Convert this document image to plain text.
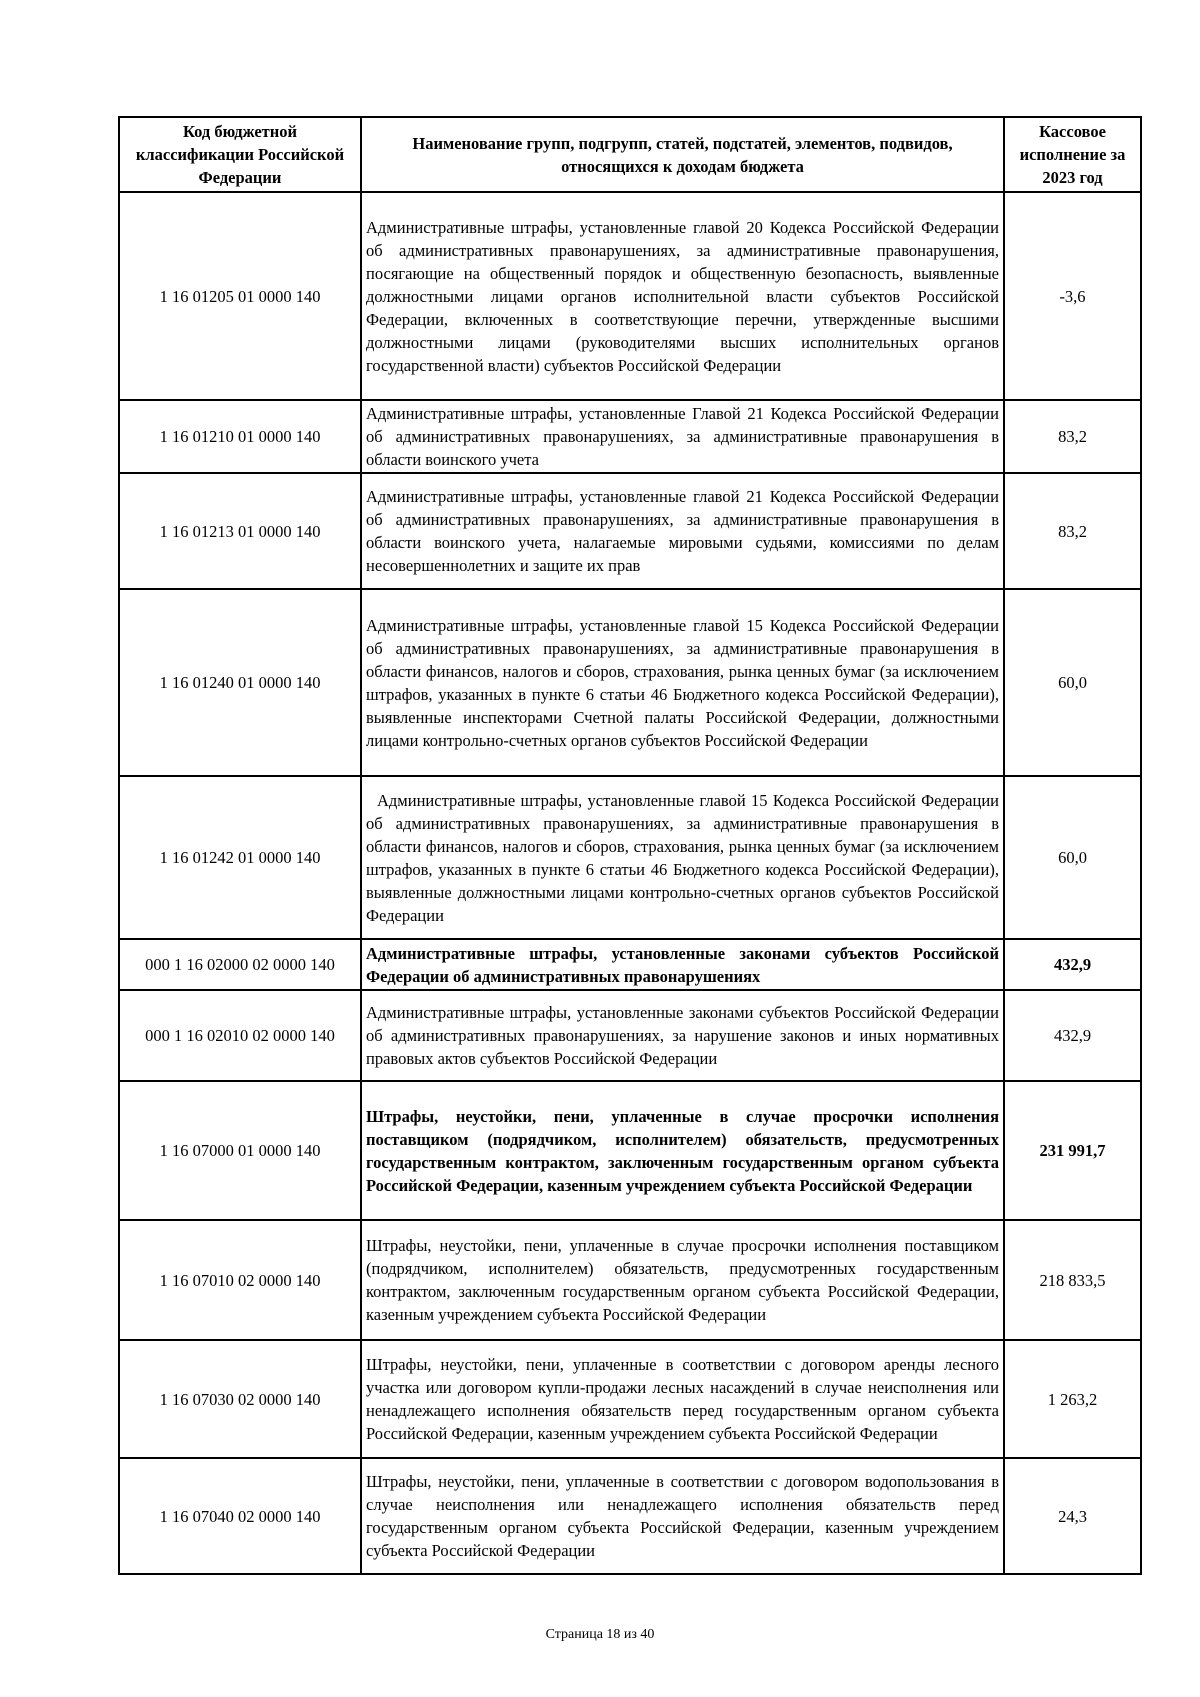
Код бюджетной классификации Российской Федерации	Наименование групп, подгрупп, статей, подстатей, элементов, подвидов, относящихся к доходам бюджета	Кассовое исполнение за 2023 год
1 16 01205 01 0000 140	Административные штрафы, установленные главой 20 Кодекса Российской Федерации об административных правонарушениях, за административные правонарушения, посягающие на общественный порядок и общественную безопасность, выявленные должностными лицами органов исполнительной власти субъектов Российской Федерации, включенных в соответствующие перечни, утвержденные высшими должностными лицами (руководителями высших исполнительных органов государственной власти) субъектов Российской Федерации	-3,6
1 16 01210 01 0000 140	Административные штрафы, установленные Главой 21 Кодекса Российской Федерации об административных правонарушениях, за административные правонарушения в области воинского учета	83,2
1 16 01213 01 0000 140	Административные штрафы, установленные главой 21 Кодекса Российской Федерации об административных правонарушениях, за административные правонарушения в области воинского учета, налагаемые мировыми судьями, комиссиями по делам несовершеннолетних и защите их прав	83,2
1 16 01240 01 0000 140	Административные штрафы, установленные главой 15 Кодекса Российской Федерации об административных правонарушениях, за административные правонарушения в области финансов, налогов и сборов, страхования, рынка ценных бумаг (за исключением штрафов, указанных в пункте 6 статьи 46 Бюджетного кодекса Российской Федерации), выявленные инспекторами Счетной палаты Российской Федерации, должностными лицами контрольно-счетных органов субъектов Российской Федерации	60,0
1 16 01242 01 0000 140	Административные штрафы, установленные главой 15 Кодекса Российской Федерации об административных правонарушениях, за административные правонарушения в области финансов, налогов и сборов, страхования, рынка ценных бумаг (за исключением штрафов, указанных в пункте 6 статьи 46 Бюджетного кодекса Российской Федерации), выявленные должностными лицами контрольно-счетных органов субъектов Российской Федерации	60,0
000 1 16 02000 02 0000 140	Административные штрафы, установленные законами субъектов Российской Федерации об административных правонарушениях	432,9
000 1 16 02010 02 0000 140	Административные штрафы, установленные законами субъектов Российской Федерации об административных правонарушениях, за нарушение законов и иных нормативных правовых актов субъектов Российской Федерации	432,9
1 16 07000 01 0000 140	Штрафы, неустойки, пени, уплаченные в случае просрочки исполнения поставщиком (подрядчиком, исполнителем) обязательств, предусмотренных государственным контрактом, заключенным государственным органом субъекта Российской Федерации, казенным учреждением субъекта Российской Федерации	231 991,7
1 16 07010 02 0000 140	Штрафы, неустойки, пени, уплаченные в случае просрочки исполнения поставщиком (подрядчиком, исполнителем) обязательств, предусмотренных государственным контрактом, заключенным государственным органом субъекта Российской Федерации, казенным учреждением субъекта Российской Федерации	218 833,5
1 16 07030 02 0000 140	Штрафы, неустойки, пени, уплаченные в соответствии с договором аренды лесного участка или договором купли-продажи лесных насаждений в случае неисполнения или ненадлежащего исполнения обязательств перед государственным органом субъекта Российской Федерации, казенным учреждением субъекта Российской Федерации	1 263,2
1 16 07040 02 0000 140	Штрафы, неустойки, пени, уплаченные в соответствии с договором водопользования в случае неисполнения или ненадлежащего исполнения обязательств перед государственным органом субъекта Российской Федерации, казенным учреждением субъекта Российской Федерации	24,3
Страница 18 из 40
